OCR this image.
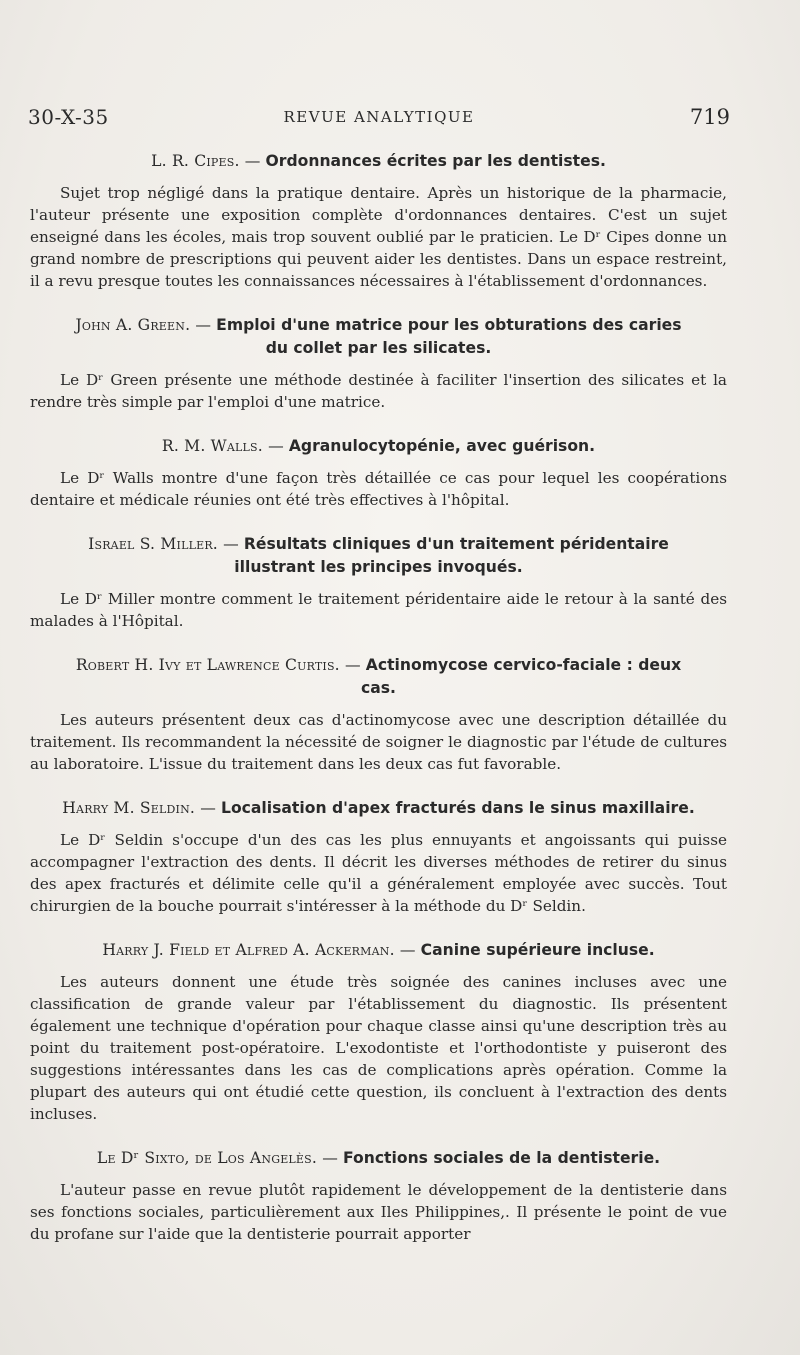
30-X-35	REVUE ANALYTIQUE	719
L. R. Cipes. — Ordonnances écrites par les dentistes.

Sujet trop négligé dans la pratique dentaire. Après un historique de la pharmacie, l'auteur présente une exposition complète d'ordonnances dentaires. C'est un sujet enseigné dans les écoles, mais trop souvent oublié par le praticien. Le Dʳ Cipes donne un grand nombre de prescriptions qui peuvent aider les dentistes. Dans un espace restreint, il a revu presque toutes les connaissances nécessaires à l'établissement d'ordonnances.

John A. Green. — Emploi d'une matrice pour les obturations des caries du collet par les silicates.

Le Dʳ Green présente une méthode destinée à faciliter l'insertion des silicates et la rendre très simple par l'emploi d'une matrice.

R. M. Walls. — Agranulocytopénie, avec guérison.

Le Dʳ Walls montre d'une façon très détaillée ce cas pour lequel les coopérations dentaire et médicale réunies ont été très effectives à l'hôpital.

Israel S. Miller. — Résultats cliniques d'un traitement péridentaire illustrant les principes invoqués.

Le Dʳ Miller montre comment le traitement péridentaire aide le retour à la santé des malades à l'Hôpital.

Robert H. Ivy et Lawrence Curtis. — Actinomycose cervico-faciale : deux cas.

Les auteurs présentent deux cas d'actinomycose avec une description détaillée du traitement. Ils recommandent la nécessité de soigner le diagnostic par l'étude de cultures au laboratoire. L'issue du traitement dans les deux cas fut favorable.

Harry M. Seldin. — Localisation d'apex fracturés dans le sinus maxillaire.

Le Dʳ Seldin s'occupe d'un des cas les plus ennuyants et angoissants qui puisse accompagner l'extraction des dents. Il décrit les diverses méthodes de retirer du sinus des apex fracturés et délimite celle qu'il a généralement employée avec succès. Tout chirurgien de la bouche pourrait s'intéresser à la méthode du Dʳ Seldin.

Harry J. Field et Alfred A. Ackerman. — Canine supérieure incluse.

Les auteurs donnent une étude très soignée des canines incluses avec une classification de grande valeur par l'établissement du diagnostic. Ils présentent également une technique d'opération pour chaque classe ainsi qu'une description très au point du traitement post-opératoire. L'exodontiste et l'orthodontiste y puiseront des suggestions intéressantes dans les cas de complications après opération. Comme la plupart des auteurs qui ont étudié cette question, ils concluent à l'extraction des dents incluses.

Le Dʳ Sixto, de Los Angelès. — Fonctions sociales de la dentisterie.

L'auteur passe en revue plutôt rapidement le développement de la dentisterie dans ses fonctions sociales, particulièrement aux Iles Philippines,. Il présente le point de vue du profane sur l'aide que la dentisterie pourrait apporter
